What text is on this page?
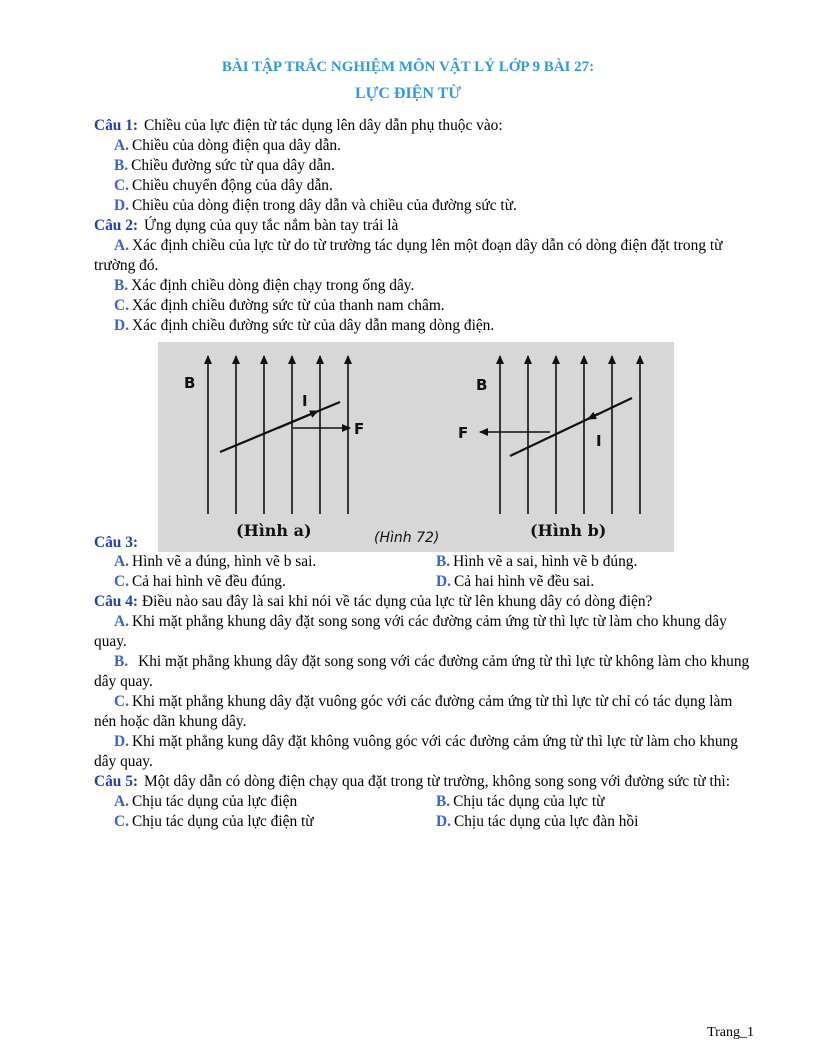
BÀI TẬP TRẮC NGHIỆM MÔN VẬT LÝ LỚP 9 BÀI 27:
LỰC ĐIỆN TỪ

Câu 1: Chiều của lực điện từ tác dụng lên dây dẫn phụ thuộc vào:

A. Chiều của dòng điện qua dây dẫn.

B. Chiều đường sức từ qua dây dẫn.

C. Chiều chuyển động của dây dẫn.

D. Chiều của dòng điện trong dây dẫn và chiều của đường sức từ.

Câu 2: Ứng dụng của quy tắc nắm bàn tay trái là

A. Xác định chiều của lực từ do từ trường tác dụng lên một đoạn dây dẫn có dòng điện đặt trong từ trường đó.

B. Xác định chiều dòng điện chạy trong ống dây.

C. Xác định chiều đường sức từ của thanh nam châm.

D. Xác định chiều đường sức từ của dây dẫn mang dòng điện.

Câu 3:
B
I
F
B
I
F
(Hình a)	(Hình 72)	(Hình b)
A. Hình vẽ a đúng, hình vẽ b sai.	B. Hình vẽ a sai, hình vẽ b đúng.
C. Cả hai hình vẽ đều đúng.	D. Cả hai hình vẽ đều sai.

Câu 4: Điều nào sau đây là sai khi nói về tác dụng của lực từ lên khung dây có dòng điện?

A. Khi mặt phẳng khung dây đặt song song với các đường cảm ứng từ thì lực từ làm cho khung dây quay.

B. Khi mặt phẳng khung dây đặt song song với các đường cảm ứng từ thì lực từ không làm cho khung dây quay.

C. Khi mặt phẳng khung dây đặt vuông góc với các đường cảm ứng từ thì lực từ chỉ có tác dụng làm nén hoặc dãn khung dây.

D. Khi mặt phẳng kung dây đặt không vuông góc với các đường cảm ứng từ thì lực từ làm cho khung dây quay.

Câu 5: Một dây dẫn có dòng điện chạy qua đặt trong từ trường, không song song với đường sức từ thì:

A. Chịu tác dụng của lực điện	B. Chịu tác dụng của lực từ
C. Chịu tác dụng của lực điện từ	D. Chịu tác dụng của lực đàn hồi
Trang_1
